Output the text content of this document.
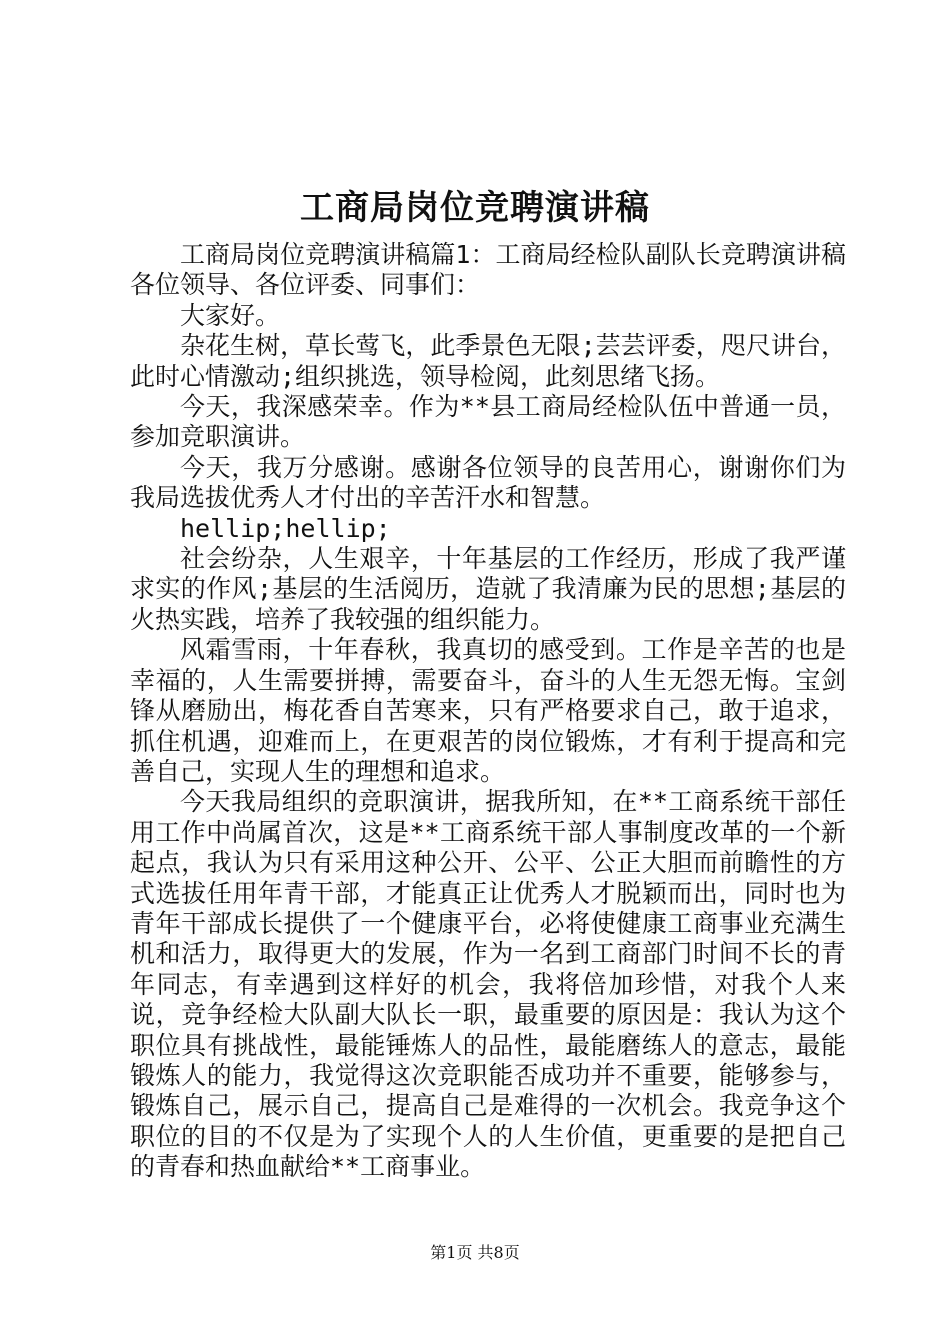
工商局岗位竞聘演讲稿

工商局岗位竞聘演讲稿篇1：工商局经检队副队长竞聘演讲稿各位领导、各位评委、同事们：

大家好。

杂花生树，草长莺飞，此季景色无限;芸芸评委，咫尺讲台，此时心情激动;组织挑选，领导检阅，此刻思绪飞扬。

今天，我深感荣幸。作为**县工商局经检队伍中普通一员，参加竞职演讲。

今天，我万分感谢。感谢各位领导的良苦用心，谢谢你们为我局选拔优秀人才付出的辛苦汗水和智慧。

hellip;hellip;

社会纷杂，人生艰辛，十年基层的工作经历，形成了我严谨求实的作风;基层的生活阅历，造就了我清廉为民的思想;基层的火热实践，培养了我较强的组织能力。

风霜雪雨，十年春秋，我真切的感受到。工作是辛苦的也是幸福的，人生需要拼搏，需要奋斗，奋斗的人生无怨无悔。宝剑锋从磨励出，梅花香自苦寒来，只有严格要求自己，敢于追求，抓住机遇，迎难而上，在更艰苦的岗位锻炼，才有利于提高和完善自己，实现人生的理想和追求。

今天我局组织的竞职演讲，据我所知，在**工商系统干部任用工作中尚属首次，这是**工商系统干部人事制度改革的一个新起点，我认为只有采用这种公开、公平、公正大胆而前瞻性的方式选拔任用年青干部，才能真正让优秀人才脱颖而出，同时也为青年干部成长提供了一个健康平台，必将使健康工商事业充满生机和活力，取得更大的发展，作为一名到工商部门时间不长的青年同志，有幸遇到这样好的机会，我将倍加珍惜，对我个人来说，竞争经检大队副大队长一职，最重要的原因是：我认为这个职位具有挑战性，最能锤炼人的品性，最能磨练人的意志，最能锻炼人的能力，我觉得这次竞职能否成功并不重要，能够参与，锻炼自己，展示自己，提高自己是难得的一次机会。我竞争这个职位的目的不仅是为了实现个人的人生价值，更重要的是把自己的青春和热血献给**工商事业。

第1页 共8页
